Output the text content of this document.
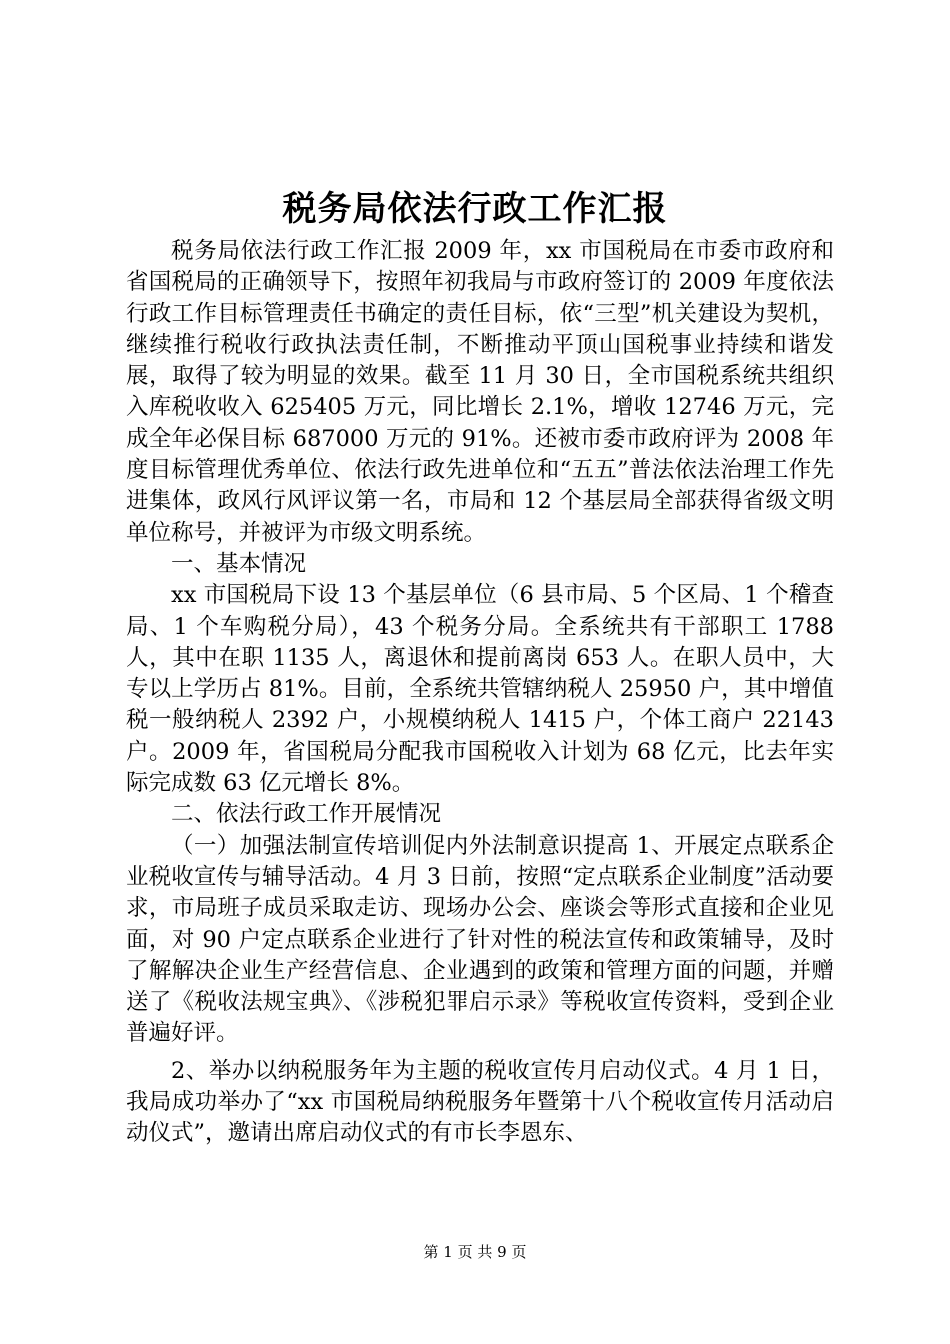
税务局依法行政工作汇报

税务局依法行政工作汇报 2009 年，xx 市国税局在市委市政府和省国税局的正确领导下，按照年初我局与市政府签订的 2009 年度依法行政工作目标管理责任书确定的责任目标，依“三型”机关建设为契机，继续推行税收行政执法责任制，不断推动平顶山国税事业持续和谐发展，取得了较为明显的效果。截至 11 月 30 日，全市国税系统共组织入库税收收入 625405 万元，同比增长 2.1%，增收 12746 万元，完成全年必保目标 687000 万元的 91%。还被市委市政府评为 2008 年度目标管理优秀单位、依法行政先进单位和“五五”普法依法治理工作先进集体，政风行风评议第一名，市局和 12 个基层局全部获得省级文明单位称号，并被评为市级文明系统。

一、基本情况

xx 市国税局下设 13 个基层单位（6 县市局、5 个区局、1 个稽查局、1 个车购税分局），43 个税务分局。全系统共有干部职工 1788 人，其中在职 1135 人，离退休和提前离岗 653 人。在职人员中，大专以上学历占 81%。目前，全系统共管辖纳税人 25950 户，其中增值税一般纳税人 2392 户，小规模纳税人 1415 户，个体工商户 22143 户。2009 年，省国税局分配我市国税收入计划为 68 亿元，比去年实际完成数 63 亿元增长 8%。

二、依法行政工作开展情况

（一）加强法制宣传培训促内外法制意识提高 1、开展定点联系企业税收宣传与辅导活动。4 月 3 日前，按照“定点联系企业制度”活动要求，市局班子成员采取走访、现场办公会、座谈会等形式直接和企业见面，对 90 户定点联系企业进行了针对性的税法宣传和政策辅导，及时了解解决企业生产经营信息、企业遇到的政策和管理方面的问题，并赠送了《税收法规宝典》、《涉税犯罪启示录》等税收宣传资料，受到企业普遍好评。

2、举办以纳税服务年为主题的税收宣传月启动仪式。4 月 1 日，我局成功举办了“xx 市国税局纳税服务年暨第十八个税收宣传月活动启动仪式”，邀请出席启动仪式的有市长李恩东、

第 1 页 共 9 页
